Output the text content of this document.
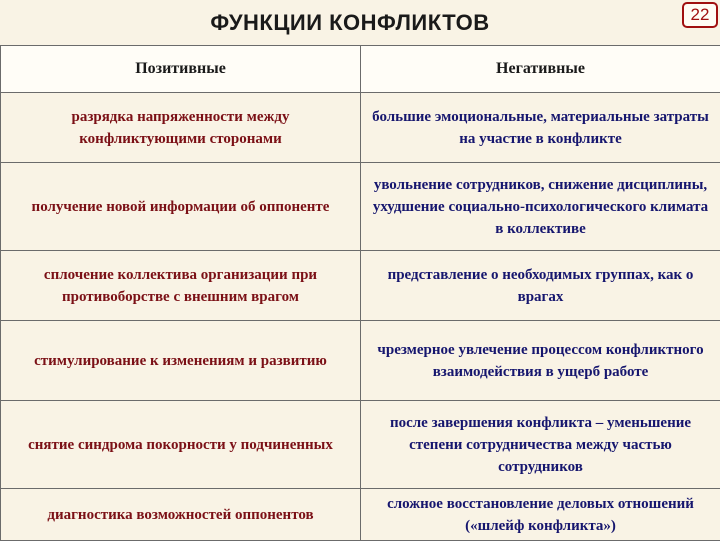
ФУНКЦИИ КОНФЛИКТОВ	22
Позитивные	Негативные
разрядка напряженности между конфликтующими сторонами	большие эмоциональные, материальные затраты на участие в конфликте
получение новой информации об оппоненте	увольнение сотрудников, снижение дисциплины, ухудшение социально-психологического климата в коллективе
сплочение коллектива организации при противоборстве с внешним врагом	представление о необходимых группах, как о врагах
стимулирование к изменениям и развитию	чрезмерное увлечение процессом конфликтного взаимодействия в ущерб работе
снятие синдрома покорности у подчиненных	после завершения конфликта – уменьшение степени сотрудничества между частью сотрудников
диагностика возможностей оппонентов	сложное восстановление деловых отношений («шлейф конфликта»)
